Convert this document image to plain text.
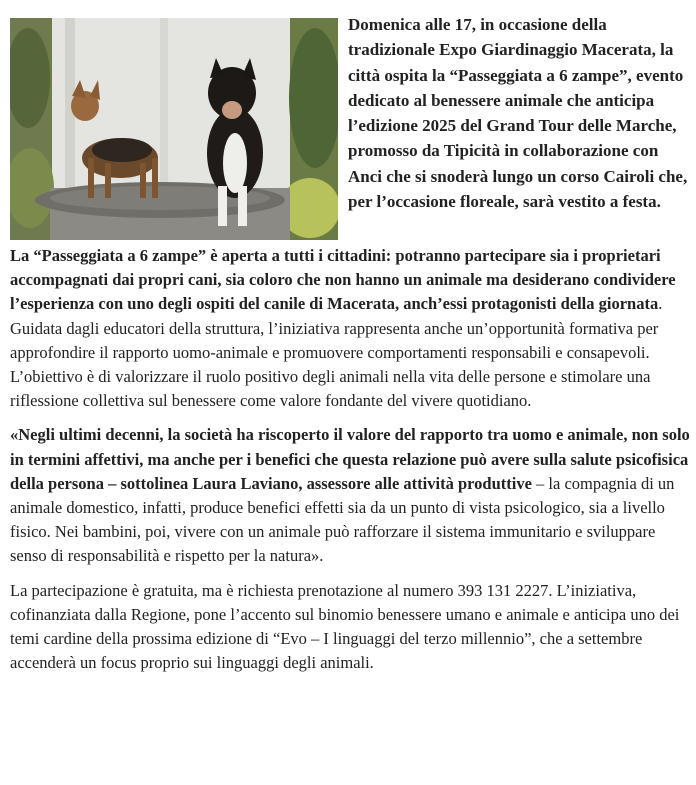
Domenica alle 17, in occasione della tradizionale Expo Giardinaggio Macerata, la città ospita la “Passeggiata a 6 zampe”, evento dedicato al benessere animale che anticipa l’edizione 2025 del Grand Tour delle Marche, promosso da Tipicità in collaborazione con Anci che si snoderà lungo un corso Cairoli che, per l’occasione floreale, sarà vestito a festa.

La “Passeggiata a 6 zampe” è aperta a tutti i cittadini: potranno partecipare sia i proprietari accompagnati dai propri cani, sia coloro che non hanno un animale ma desiderano condividere l’esperienza con uno degli ospiti del canile di Macerata, anch’essi protagonisti della giornata. Guidata dagli educatori della struttura, l’iniziativa rappresenta anche un’opportunità formativa per approfondire il rapporto uomo-animale e promuovere comportamenti responsabili e consapevoli. L’obiettivo è di valorizzare il ruolo positivo degli animali nella vita delle persone e stimolare una riflessione collettiva sul benessere come valore fondante del vivere quotidiano.

«Negli ultimi decenni, la società ha riscoperto il valore del rapporto tra uomo e animale, non solo in termini affettivi, ma anche per i benefici che questa relazione può avere sulla salute psicofisica della persona – sottolinea Laura Laviano, assessore alle attività produttive – la compagnia di un animale domestico, infatti, produce benefici effetti sia da un punto di vista psicologico, sia a livello fisico. Nei bambini, poi, vivere con un animale può rafforzare il sistema immunitario e sviluppare senso di responsabilità e rispetto per la natura».

La partecipazione è gratuita, ma è richiesta prenotazione al numero 393 131 2227. L’iniziativa, cofinanziata dalla Regione, pone l’accento sul binomio benessere umano e animale e anticipa uno dei temi cardine della prossima edizione di “Evo – I linguaggi del terzo millennio”, che a settembre accenderà un focus proprio sui linguaggi degli animali.
